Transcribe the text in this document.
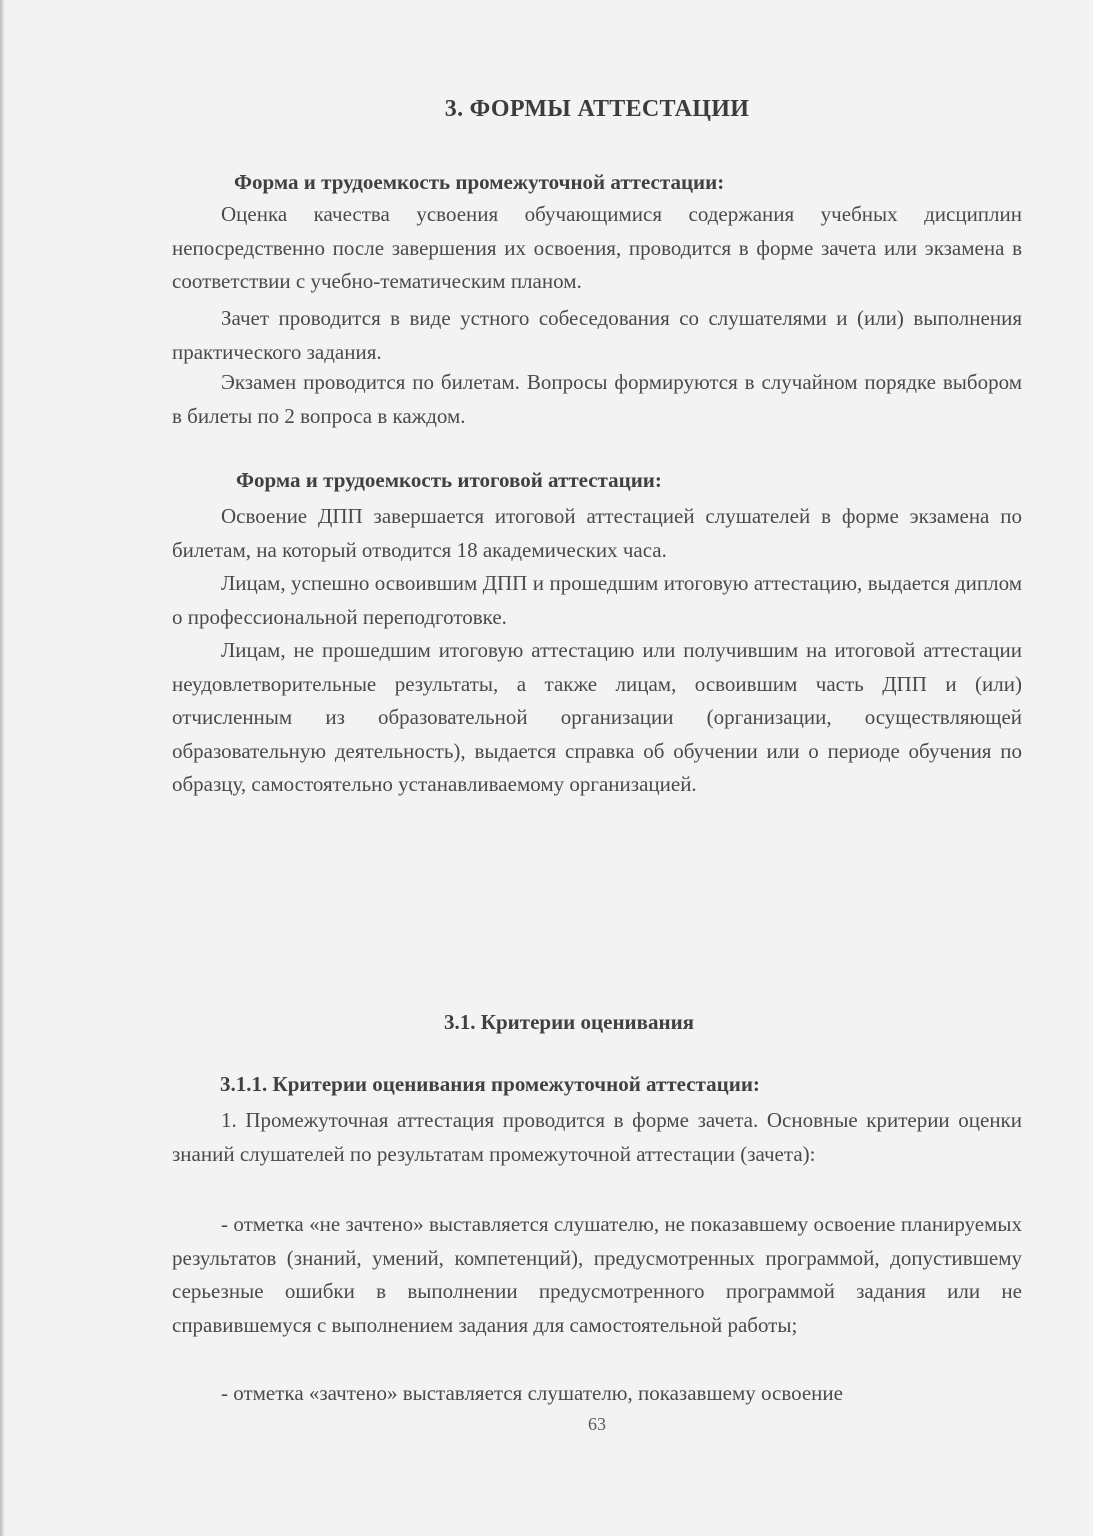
3. ФОРМЫ АТТЕСТАЦИИ
Форма и трудоемкость промежуточной аттестации:

Оценка качества усвоения обучающимися содержания учебных дисциплин непосредственно после завершения их освоения, проводится в форме зачета или экзамена в соответствии с учебно-тематическим планом.

Зачет проводится в виде устного собеседования со слушателями и (или) выполнения практического задания.

Экзамен проводится по билетам. Вопросы формируются в случайном порядке выбором в билеты по 2 вопроса в каждом.

Форма и трудоемкость итоговой аттестации:

Освоение ДПП завершается итоговой аттестацией слушателей в форме экзамена по билетам, на который отводится 18 академических часа.

Лицам, успешно освоившим ДПП и прошедшим итоговую аттестацию, выдается диплом о профессиональной переподготовке.

Лицам, не прошедшим итоговую аттестацию или получившим на итоговой аттестации неудовлетворительные результаты, а также лицам, освоившим часть ДПП и (или) отчисленным из образовательной организации (организации, осуществляющей образовательную деятельность), выдается справка об обучении или о периоде обучения по образцу, самостоятельно устанавливаемому организацией.

3.1. Критерии оценивания
3.1.1. Критерии оценивания промежуточной аттестации:

1. Промежуточная аттестация проводится в форме зачета. Основные критерии оценки знаний слушателей по результатам промежуточной аттестации (зачета):

- отметка «не зачтено» выставляется слушателю, не показавшему освоение планируемых результатов (знаний, умений, компетенций), предусмотренных программой, допустившему серьезные ошибки в выполнении предусмотренного программой задания или не справившемуся с выполнением задания для самостоятельной работы;

- отметка «зачтено» выставляется слушателю, показавшему освоение

63
